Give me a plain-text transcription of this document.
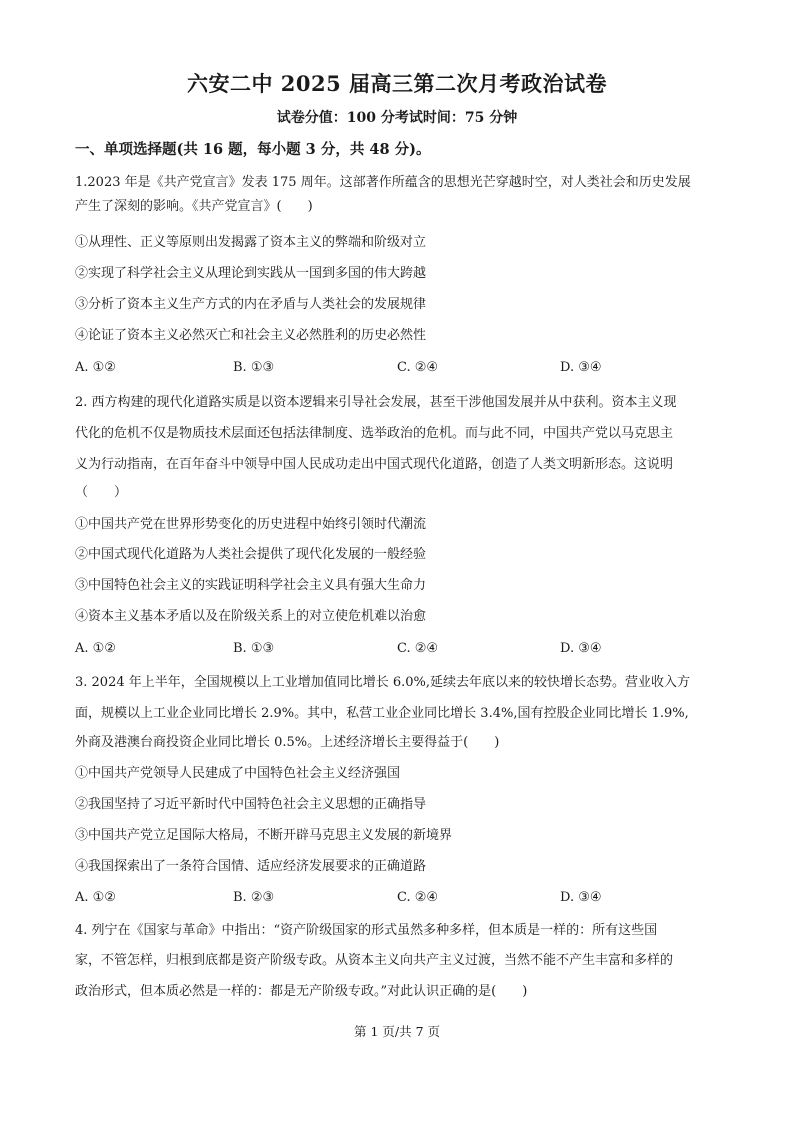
六安二中 2025 届高三第二次月考政治试卷
试卷分值：100 分考试时间：75 分钟
一、单项选择题(共 16 题，每小题 3 分，共 48 分)。
1.2023 年是《共产党宣言》发表 175 周年。这部著作所蕴含的思想光芒穿越时空，对人类社会和历史发展
产生了深刻的影响。《共产党宣言》(　　)
①从理性、正义等原则出发揭露了资本主义的弊端和阶级对立
②实现了科学社会主义从理论到实践从一国到多国的伟大跨越
③分析了资本主义生产方式的内在矛盾与人类社会的发展规律
④论证了资本主义必然灭亡和社会主义必然胜利的历史必然性
A. ①②	B. ①③	C. ②④	D. ③④
2. 西方构建的现代化道路实质是以资本逻辑来引导社会发展，甚至干涉他国发展并从中获利。资本主义现
代化的危机不仅是物质技术层面还包括法律制度、选举政治的危机。而与此不同，中国共产党以马克思主
义为行动指南，在百年奋斗中领导中国人民成功走出中国式现代化道路，创造了人类文明新形态。这说明
（　　）
①中国共产党在世界形势变化的历史进程中始终引领时代潮流
②中国式现代化道路为人类社会提供了现代化发展的一般经验
③中国特色社会主义的实践证明科学社会主义具有强大生命力
④资本主义基本矛盾以及在阶级关系上的对立使危机难以治愈
A. ①②	B. ①③	C. ②④	D. ③④
3. 2024 年上半年，全国规模以上工业增加值同比增长 6.0%,延续去年底以来的较快增长态势。营业收入方
面，规模以上工业企业同比增长 2.9%。其中，私营工业企业同比增长 3.4%,国有控股企业同比增长 1.9%,
外商及港澳台商投资企业同比增长 0.5%。上述经济增长主要得益于(　　)
①中国共产党领导人民建成了中国特色社会主义经济强国
②我国坚持了习近平新时代中国特色社会主义思想的正确指导
③中国共产党立足国际大格局，不断开辟马克思主义发展的新境界
④我国探索出了一条符合国情、适应经济发展要求的正确道路
A. ①②	B. ②③	C. ②④	D. ③④
4. 列宁在《国家与革命》中指出：“资产阶级国家的形式虽然多种多样，但本质是一样的：所有这些国
家，不管怎样，归根到底都是资产阶级专政。从资本主义向共产主义过渡，当然不能不产生丰富和多样的
政治形式，但本质必然是一样的：都是无产阶级专政。”对此认识正确的是(　　)
第 1 页/共 7 页
